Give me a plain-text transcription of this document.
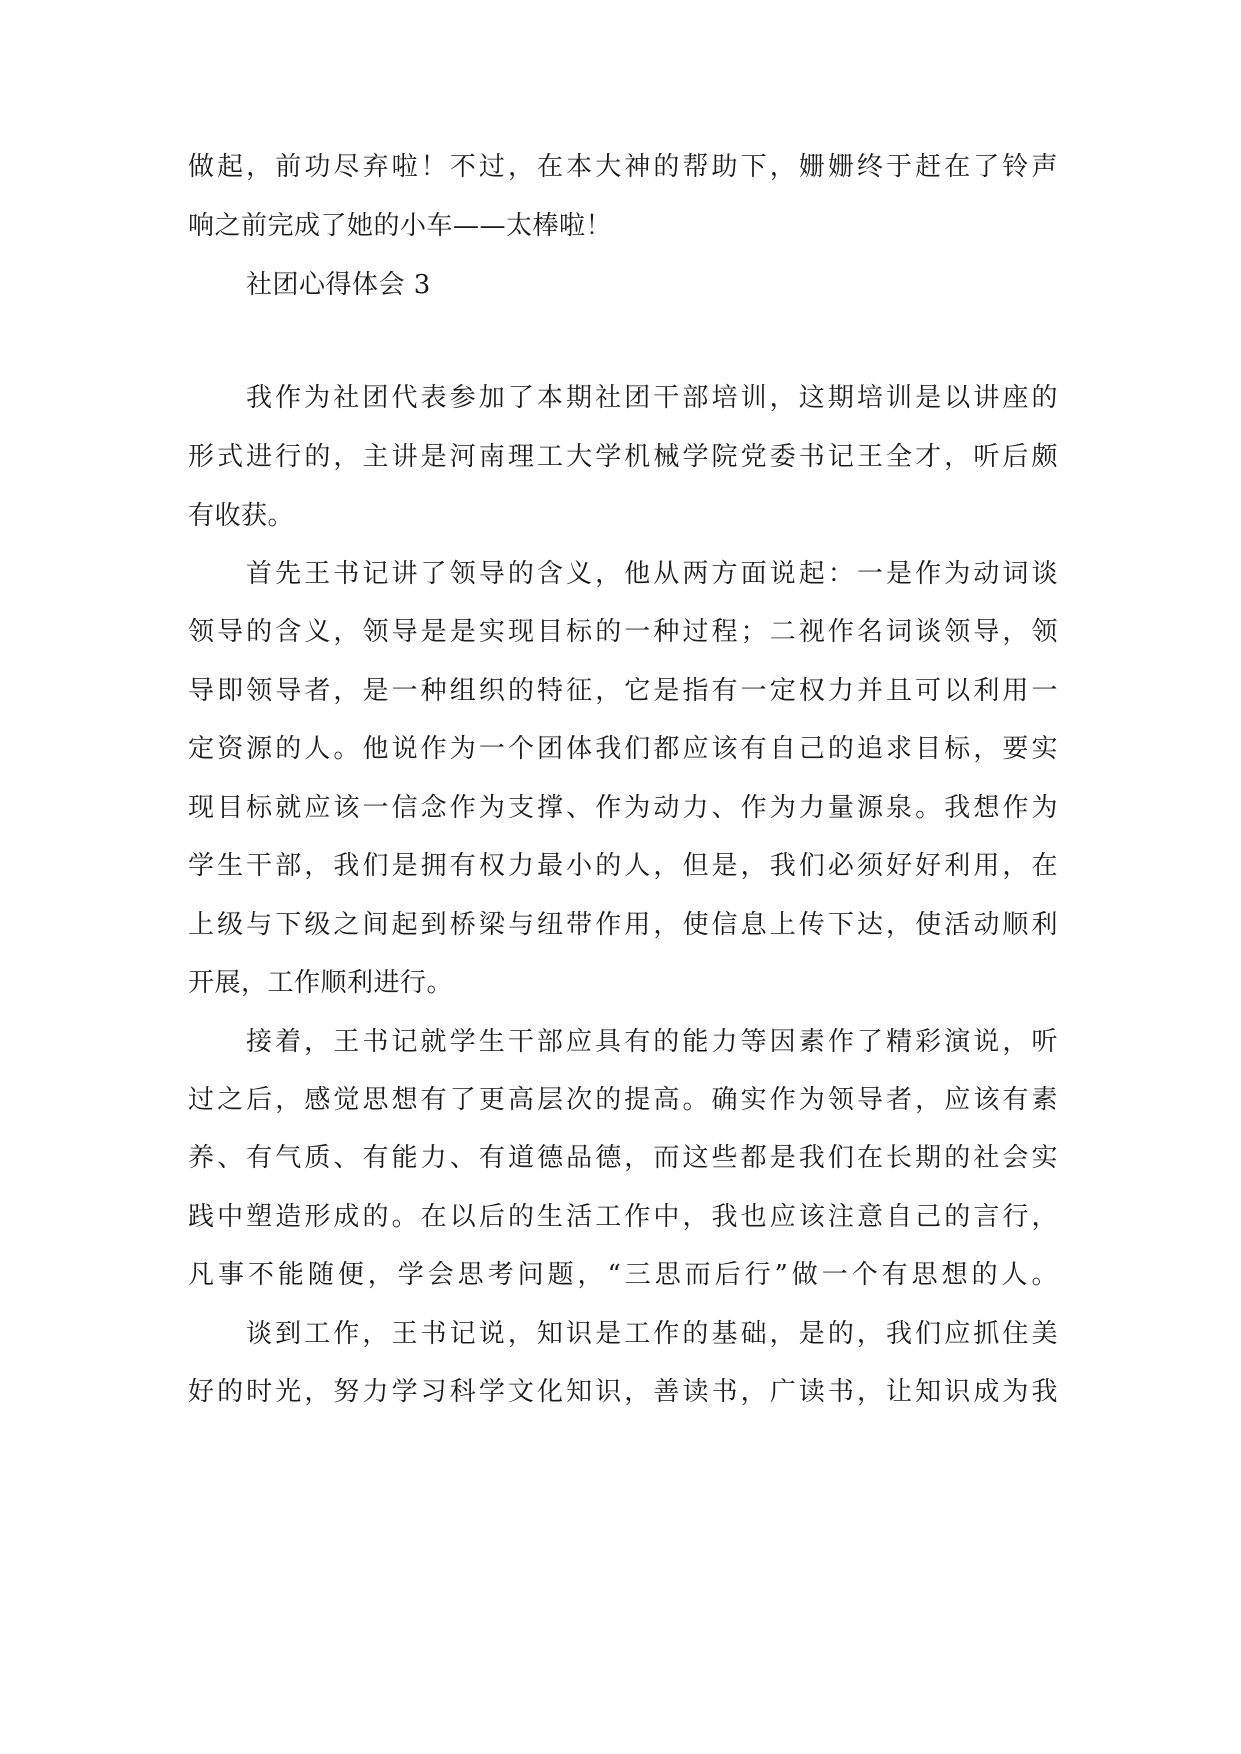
做起，前功尽弃啦！不过，在本大神的帮助下，姗姗终于赶在了铃声
响之前完成了她的小车——太棒啦！
社团心得体会 3
我作为社团代表参加了本期社团干部培训，这期培训是以讲座的
形式进行的，主讲是河南理工大学机械学院党委书记王全才，听后颇
有收获。
首先王书记讲了领导的含义，他从两方面说起：一是作为动词谈
领导的含义，领导是是实现目标的一种过程；二视作名词谈领导，领
导即领导者，是一种组织的特征，它是指有一定权力并且可以利用一
定资源的人。他说作为一个团体我们都应该有自己的追求目标，要实
现目标就应该一信念作为支撑、作为动力、作为力量源泉。我想作为
学生干部，我们是拥有权力最小的人，但是，我们必须好好利用，在
上级与下级之间起到桥梁与纽带作用，使信息上传下达，使活动顺利
开展，工作顺利进行。
接着，王书记就学生干部应具有的能力等因素作了精彩演说，听
过之后，感觉思想有了更高层次的提高。确实作为领导者，应该有素
养、有气质、有能力、有道德品德，而这些都是我们在长期的社会实
践中塑造形成的。在以后的生活工作中，我也应该注意自己的言行，
凡事不能随便，学会思考问题，“三思而后行”做一个有思想的人。
谈到工作，王书记说，知识是工作的基础，是的，我们应抓住美
好的时光，努力学习科学文化知识，善读书，广读书，让知识成为我
